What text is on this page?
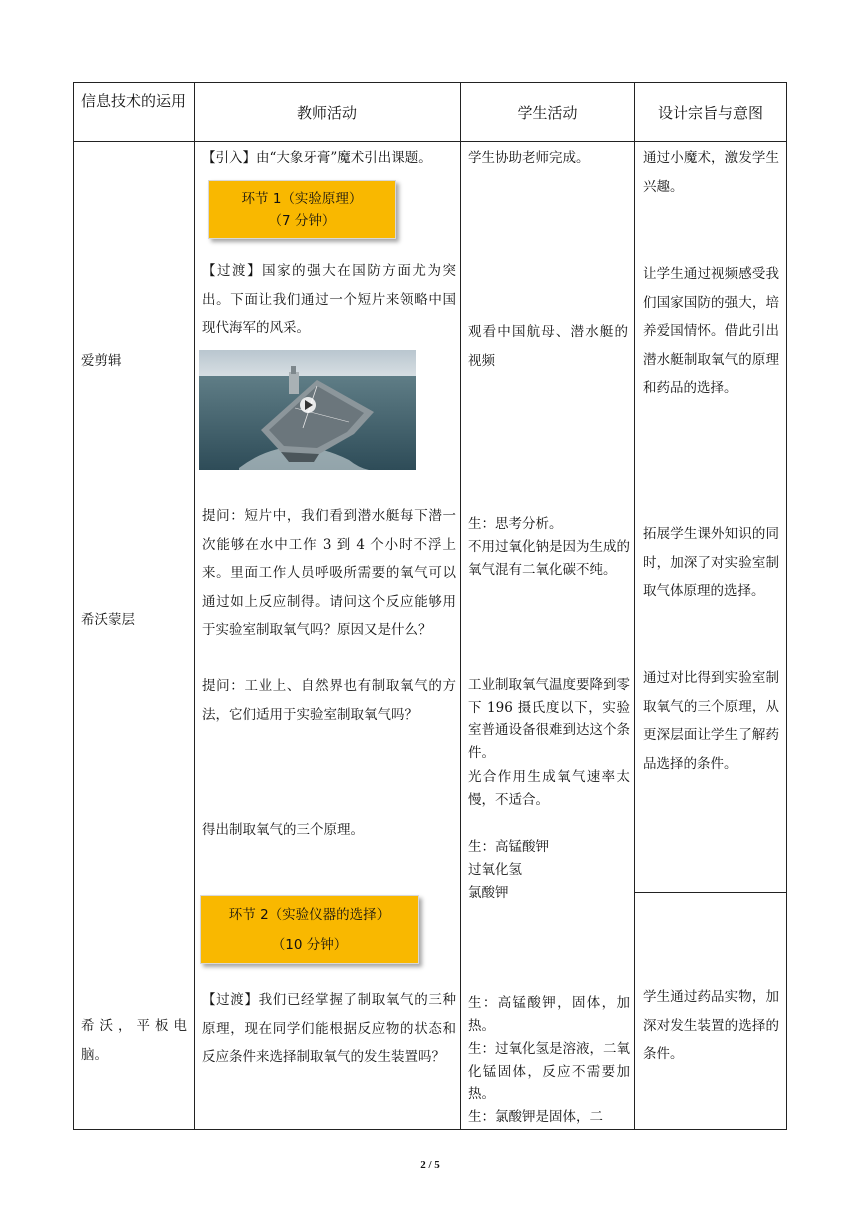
信息技术的运用
教师活动	学生活动	设计宗旨与意图
爱剪辑
希沃蒙层
希沃，平板电脑。
【引入】由“大象牙膏”魔术引出课题。
环节 1（实验原理）
（7 分钟）
【过渡】国家的强大在国防方面尤为突出。下面让我们通过一个短片来领略中国现代海军的风采。
提问：短片中，我们看到潜水艇每下潜一次能够在水中工作 3 到 4 个小时不浮上来。里面工作人员呼吸所需要的氧气可以通过如上反应制得。请问这个反应能够用于实验室制取氧气吗？原因又是什么？
提问：工业上、自然界也有制取氧气的方法，它们适用于实验室制取氧气吗？
得出制取氧气的三个原理。
环节 2（实验仪器的选择）
（10 分钟）
【过渡】我们已经掌握了制取氧气的三种原理，现在同学们能根据反应物的状态和反应条件来选择制取氧气的发生装置吗？
学生协助老师完成。
观看中国航母、潜水艇的视频
生：思考分析。
不用过氧化钠是因为生成的氧气混有二氧化碳不纯。
工业制取氧气温度要降到零下 196 摄氏度以下，实验室普通设备很难到达这个条件。
光合作用生成氧气速率太慢，不适合。
生：高锰酸钾
过氧化氢
氯酸钾
生：高锰酸钾，固体，加热。
生：过氧化氢是溶液，二氧化锰固体，反应不需要加热。
生：氯酸钾是固体，二
通过小魔术，激发学生兴趣。
让学生通过视频感受我们国家国防的强大，培养爱国情怀。借此引出潜水艇制取氧气的原理和药品的选择。
拓展学生课外知识的同时，加深了对实验室制取气体原理的选择。
通过对比得到实验室制取氧气的三个原理，从更深层面让学生了解药品选择的条件。
学生通过药品实物，加深对发生装置的选择的条件。
2 / 5
